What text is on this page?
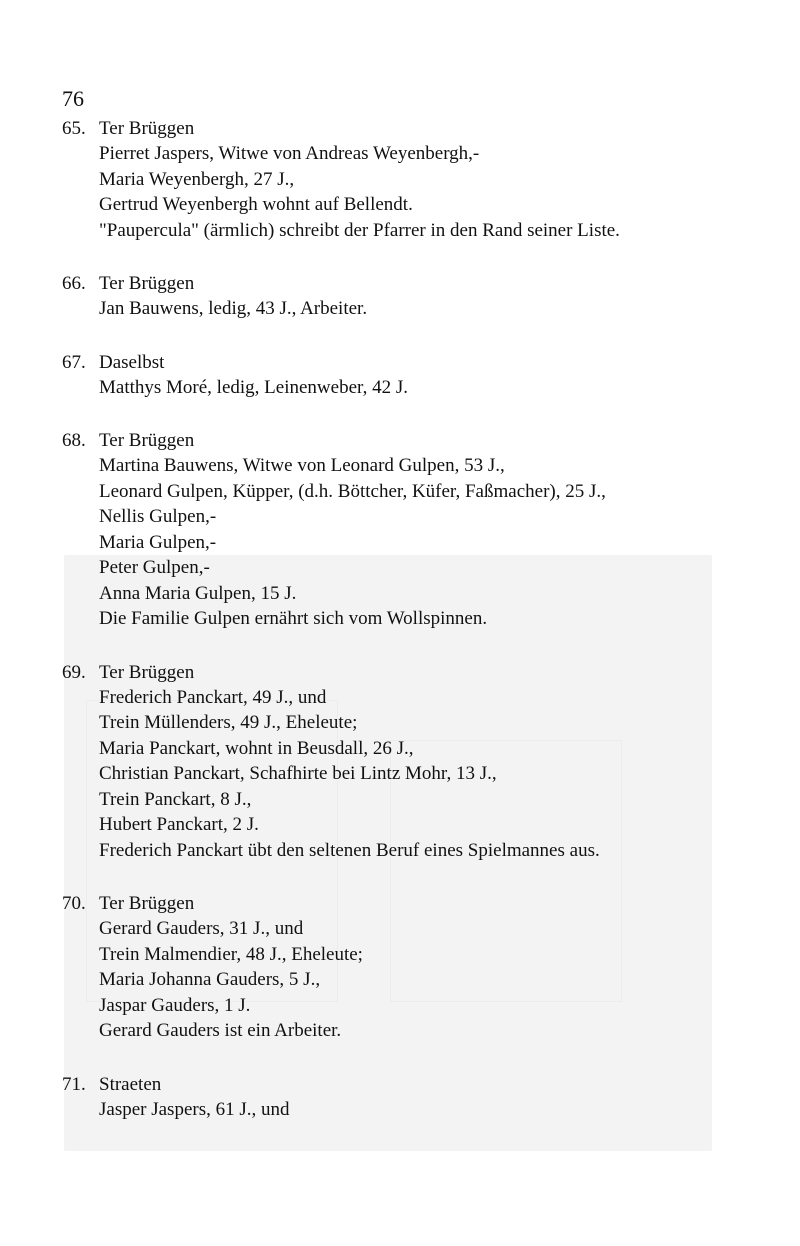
76
65. Ter Brüggen
Pierret Jaspers, Witwe von Andreas Weyenbergh,-
Maria Weyenbergh, 27 J.,
Gertrud Weyenbergh wohnt auf Bellendt.
"Paupercula" (ärmlich) schreibt der Pfarrer in den Rand seiner Liste.
66. Ter Brüggen
Jan Bauwens, ledig, 43 J., Arbeiter.
67. Daselbst
Matthys Moré, ledig, Leinenweber, 42 J.
68. Ter Brüggen
Martina Bauwens, Witwe von Leonard Gulpen, 53 J.,
Leonard Gulpen, Küpper, (d.h. Böttcher, Küfer, Faßmacher), 25 J.,
Nellis Gulpen,-
Maria Gulpen,-
Peter Gulpen,-
Anna Maria Gulpen, 15 J.
Die Familie Gulpen ernährt sich vom Wollspinnen.
69. Ter Brüggen
Frederich Panckart, 49 J., und
Trein Müllenders, 49 J., Eheleute;
Maria Panckart, wohnt in Beusdall, 26 J.,
Christian Panckart, Schafhirte bei Lintz Mohr, 13 J.,
Trein Panckart, 8 J.,
Hubert Panckart, 2 J.
Frederich Panckart übt den seltenen Beruf eines Spielmannes aus.
70. Ter Brüggen
Gerard Gauders, 31 J., und
Trein Malmendier, 48 J., Eheleute;
Maria Johanna Gauders, 5 J.,
Jaspar Gauders, 1 J.
Gerard Gauders ist ein Arbeiter.
71. Straeten
Jasper Jaspers, 61 J., und
